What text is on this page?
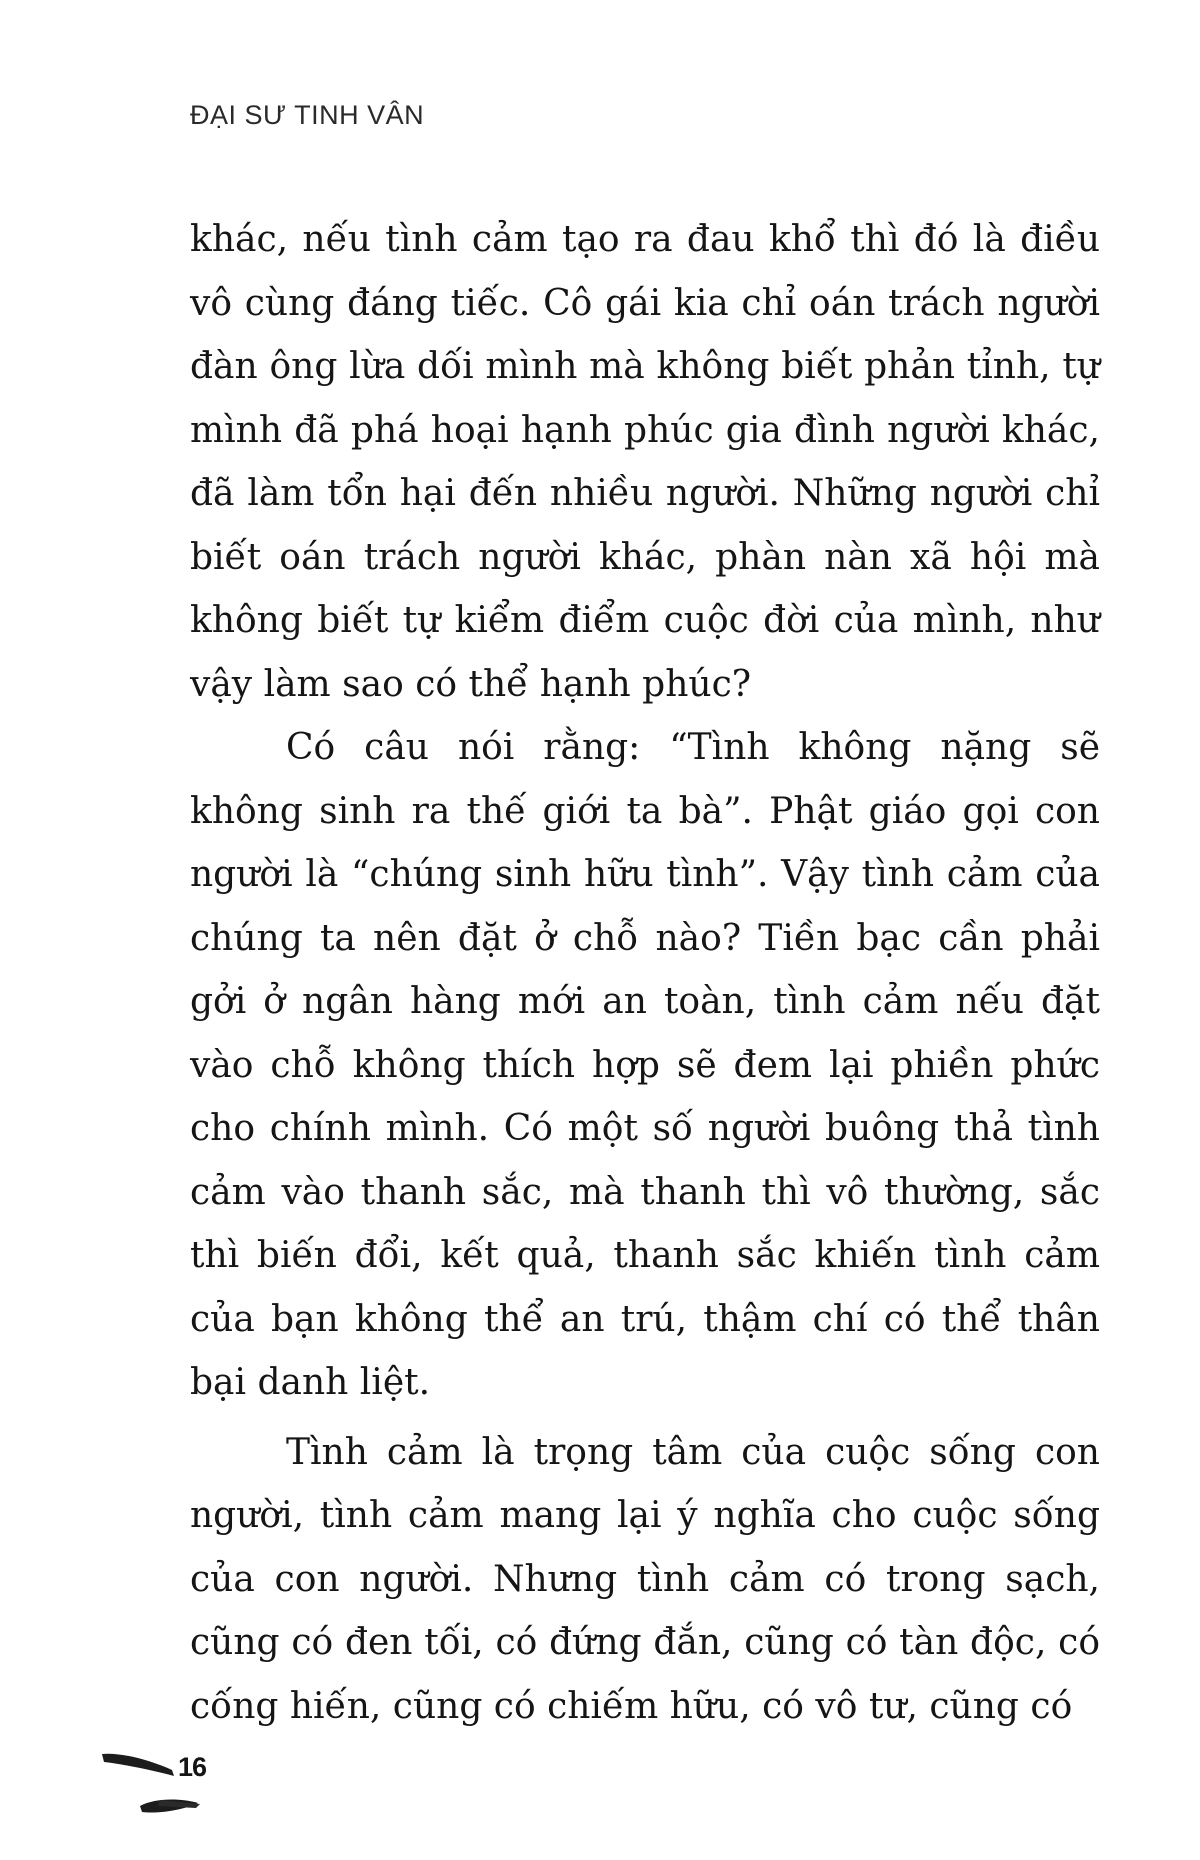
ĐẠI SƯ TINH VÂN

khác, nếu tình cảm tạo ra đau khổ thì đó là điều vô cùng đáng tiếc. Cô gái kia chỉ oán trách người đàn ông lừa dối mình mà không biết phản tỉnh, tự mình đã phá hoại hạnh phúc gia đình người khác, đã làm tổn hại đến nhiều người. Những người chỉ biết oán trách người khác, phàn nàn xã hội mà không biết tự kiểm điểm cuộc đời của mình, như vậy làm sao có thể hạnh phúc?

Có câu nói rằng: “Tình không nặng sẽ không sinh ra thế giới ta bà”. Phật giáo gọi con người là “chúng sinh hữu tình”. Vậy tình cảm của chúng ta nên đặt ở chỗ nào? Tiền bạc cần phải gởi ở ngân hàng mới an toàn, tình cảm nếu đặt vào chỗ không thích hợp sẽ đem lại phiền phức cho chính mình. Có một số người buông thả tình cảm vào thanh sắc, mà thanh thì vô thường, sắc thì biến đổi, kết quả, thanh sắc khiến tình cảm của bạn không thể an trú, thậm chí có thể thân bại danh liệt.

Tình cảm là trọng tâm của cuộc sống con người, tình cảm mang lại ý nghĩa cho cuộc sống của con người. Nhưng tình cảm có trong sạch, cũng có đen tối, có đứng đắn, cũng có tàn độc, có cống hiến, cũng có chiếm hữu, có vô tư, cũng có

16
